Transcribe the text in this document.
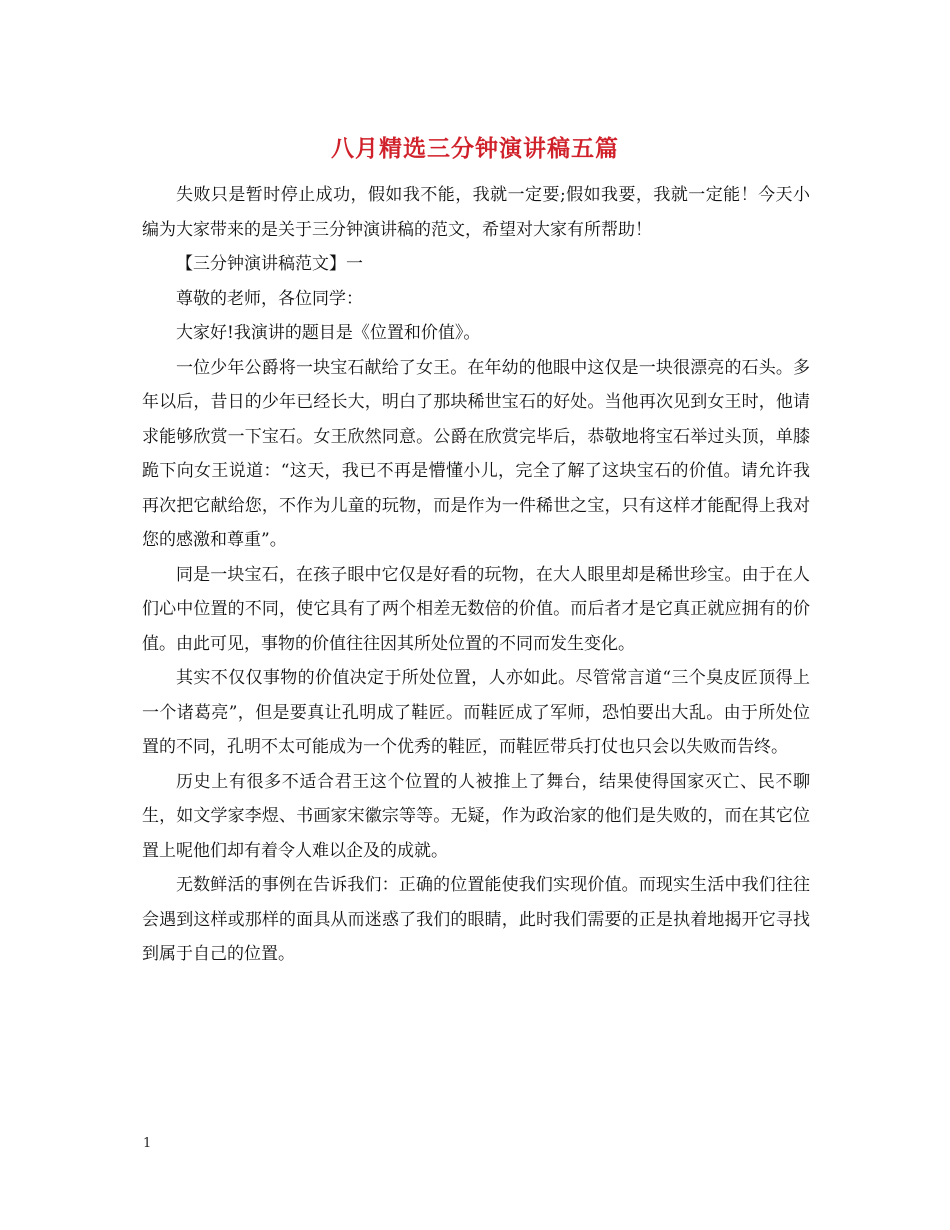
八月精选三分钟演讲稿五篇

失败只是暂时停止成功，假如我不能，我就一定要;假如我要，我就一定能！今天小编为大家带来的是关于三分钟演讲稿的范文，希望对大家有所帮助！

【三分钟演讲稿范文】一

尊敬的老师，各位同学：

大家好!我演讲的题目是《位置和价值》。

一位少年公爵将一块宝石献给了女王。在年幼的他眼中这仅是一块很漂亮的石头。多年以后，昔日的少年已经长大，明白了那块稀世宝石的好处。当他再次见到女王时，他请求能够欣赏一下宝石。女王欣然同意。公爵在欣赏完毕后，恭敬地将宝石举过头顶，单膝跪下向女王说道：“这天，我已不再是懵懂小儿，完全了解了这块宝石的价值。请允许我再次把它献给您，不作为儿童的玩物，而是作为一件稀世之宝，只有这样才能配得上我对您的感激和尊重”。

同是一块宝石，在孩子眼中它仅是好看的玩物，在大人眼里却是稀世珍宝。由于在人们心中位置的不同，使它具有了两个相差无数倍的价值。而后者才是它真正就应拥有的价值。由此可见，事物的价值往往因其所处位置的不同而发生变化。

其实不仅仅事物的价值决定于所处位置，人亦如此。尽管常言道“三个臭皮匠顶得上一个诸葛亮”，但是要真让孔明成了鞋匠。而鞋匠成了军师，恐怕要出大乱。由于所处位置的不同，孔明不太可能成为一个优秀的鞋匠，而鞋匠带兵打仗也只会以失败而告终。

历史上有很多不适合君王这个位置的人被推上了舞台，结果使得国家灭亡、民不聊生，如文学家李煜、书画家宋徽宗等等。无疑，作为政治家的他们是失败的，而在其它位置上呢他们却有着令人难以企及的成就。

无数鲜活的事例在告诉我们：正确的位置能使我们实现价值。而现实生活中我们往往会遇到这样或那样的面具从而迷惑了我们的眼睛，此时我们需要的正是执着地揭开它寻找到属于自己的位置。

1
